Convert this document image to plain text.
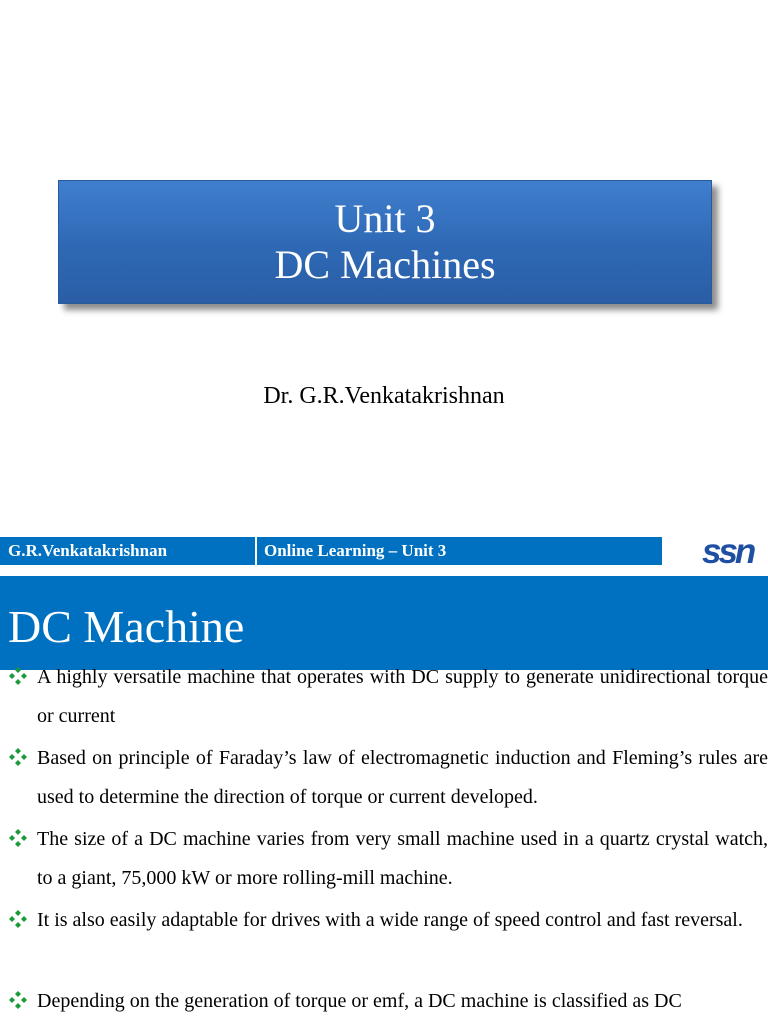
Unit 3
DC Machines
Dr. G.R.Venkatakrishnan
G.R.Venkatakrishnan	Online Learning – Unit 3	ssn
DC Machine
A highly versatile machine that operates with DC supply to generate unidirectional torque or current
Based on principle of Faraday’s law of electromagnetic induction and Fleming’s rules are used to determine the direction of torque or current developed.
The size of a DC machine varies from very small machine used in a quartz crystal watch, to a giant, 75,000 kW or more rolling-mill machine.
It is also easily adaptable for drives with a wide range of speed control and fast reversal.
Depending on the generation of torque or emf, a DC machine is classified as DC
